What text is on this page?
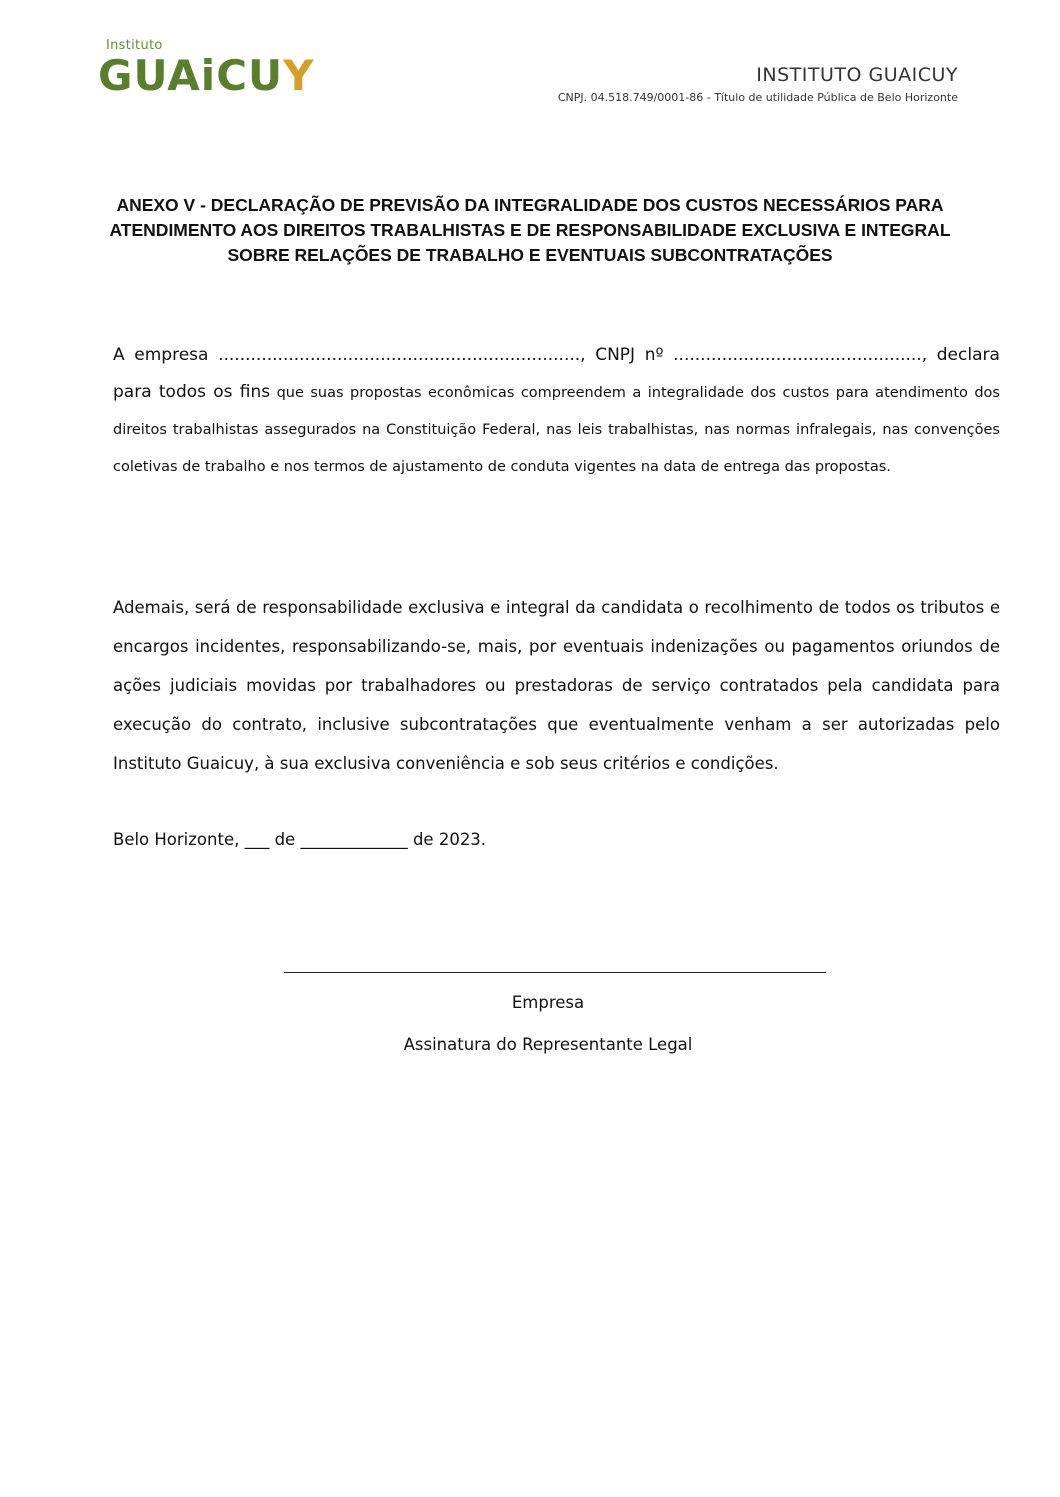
Instituto
GUAiCUY	INSTITUTO GUAICUY
CNPJ. 04.518.749/0001-86 - Título de utilidade Pública de Belo Horizonte
ANEXO V - DECLARAÇÃO DE PREVISÃO DA INTEGRALIDADE DOS CUSTOS NECESSÁRIOS PARA
ATENDIMENTO AOS DIREITOS TRABALHISTAS E DE RESPONSABILIDADE EXCLUSIVA E INTEGRAL
SOBRE RELAÇÕES DE TRABALHO E EVENTUAIS SUBCONTRATAÇÕES
A empresa ..................................................................., CNPJ nº .............................................., declara
para todos os fins que suas propostas econômicas compreendem a integralidade dos custos para atendimento dos direitos trabalhistas assegurados na Constituição Federal, nas leis trabalhistas, nas normas infralegais, nas convenções coletivas de trabalho e nos termos de ajustamento de conduta vigentes na data de entrega das propostas.
Ademais, será de responsabilidade exclusiva e integral da candidata o recolhimento de todos os tributos e encargos incidentes, responsabilizando-se, mais, por eventuais indenizações ou pagamentos oriundos de ações judiciais movidas por trabalhadores ou prestadoras de serviço contratados pela candidata para execução do contrato, inclusive subcontratações que eventualmente venham a ser autorizadas pelo Instituto Guaicuy, à sua exclusiva conveniência e sob seus critérios e condições.
Belo Horizonte, ___ de _____________ de 2023.
Empresa
Assinatura do Representante Legal
